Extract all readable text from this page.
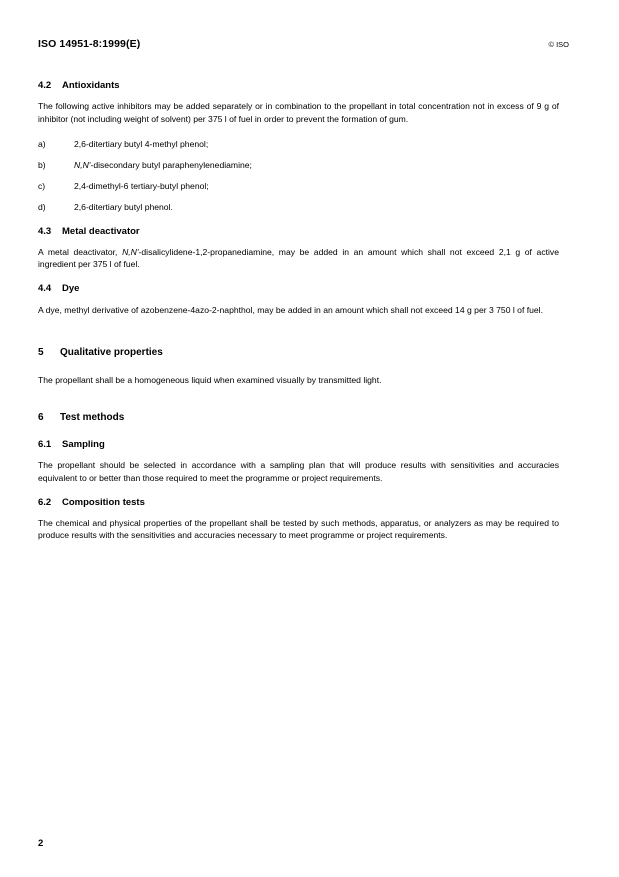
ISO 14951-8:1999(E)	© ISO
4.2 Antioxidants

The following active inhibitors may be added separately or in combination to the propellant in total concentration not in excess of 9 g of inhibitor (not including weight of solvent) per 375 l of fuel in order to prevent the formation of gum.

a)	2,6-ditertiary butyl 4-methyl phenol;
b)	N,N'-disecondary butyl paraphenylenediamine;
c)	2,4-dimethyl-6 tertiary-butyl phenol;
d)	2,6-ditertiary butyl phenol.
4.3 Metal deactivator

A metal deactivator, N,N'-disalicylidene-1,2-propanediamine, may be added in an amount which shall not exceed 2,1 g of active ingredient per 375 l of fuel.

4.4 Dye

A dye, methyl derivative of azobenzene-4azo-2-naphthol, may be added in an amount which shall not exceed 14 g per 3 750 l of fuel.

5 Qualitative properties

The propellant shall be a homogeneous liquid when examined visually by transmitted light.

6 Test methods
6.1 Sampling

The propellant should be selected in accordance with a sampling plan that will produce results with sensitivities and accuracies equivalent to or better than those required to meet the programme or project requirements.

6.2 Composition tests

The chemical and physical properties of the propellant shall be tested by such methods, apparatus, or analyzers as may be required to produce results with the sensitivities and accuracies necessary to meet programme or project requirements.

2
